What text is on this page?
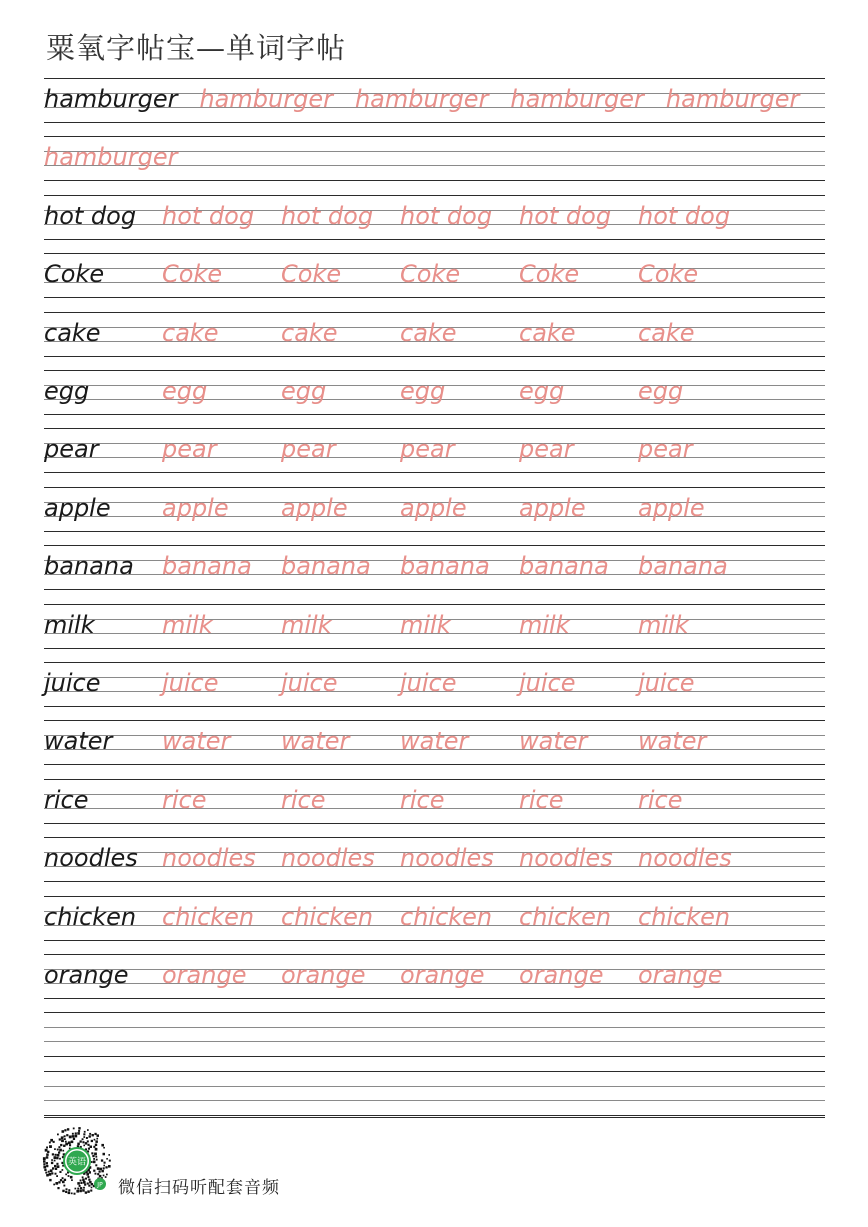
粟氧字帖宝—单词字帖
hamburger hamburger hamburger hamburger hamburger
hamburger
hot dog hot dog hot dog hot dog hot dog hot dog
Coke Coke Coke Coke Coke Coke
cake	cake	cake	cake	cake	cake
egg	egg	egg	egg	egg	egg
pear	pear	pear	pear	pear	pear
apple apple apple apple apple apple
banana banana banana banana banana banana
milk	milk	milk	milk	milk	milk
juice	juice	juice	juice	juice	juice
water water water water water water
rice	rice	rice	rice	rice	rice
noodles noodles noodles noodles noodles noodles
chicken chicken chicken chicken chicken chicken
orange orange orange orange orange orange
英语
JP 微信扫码听配套音频
